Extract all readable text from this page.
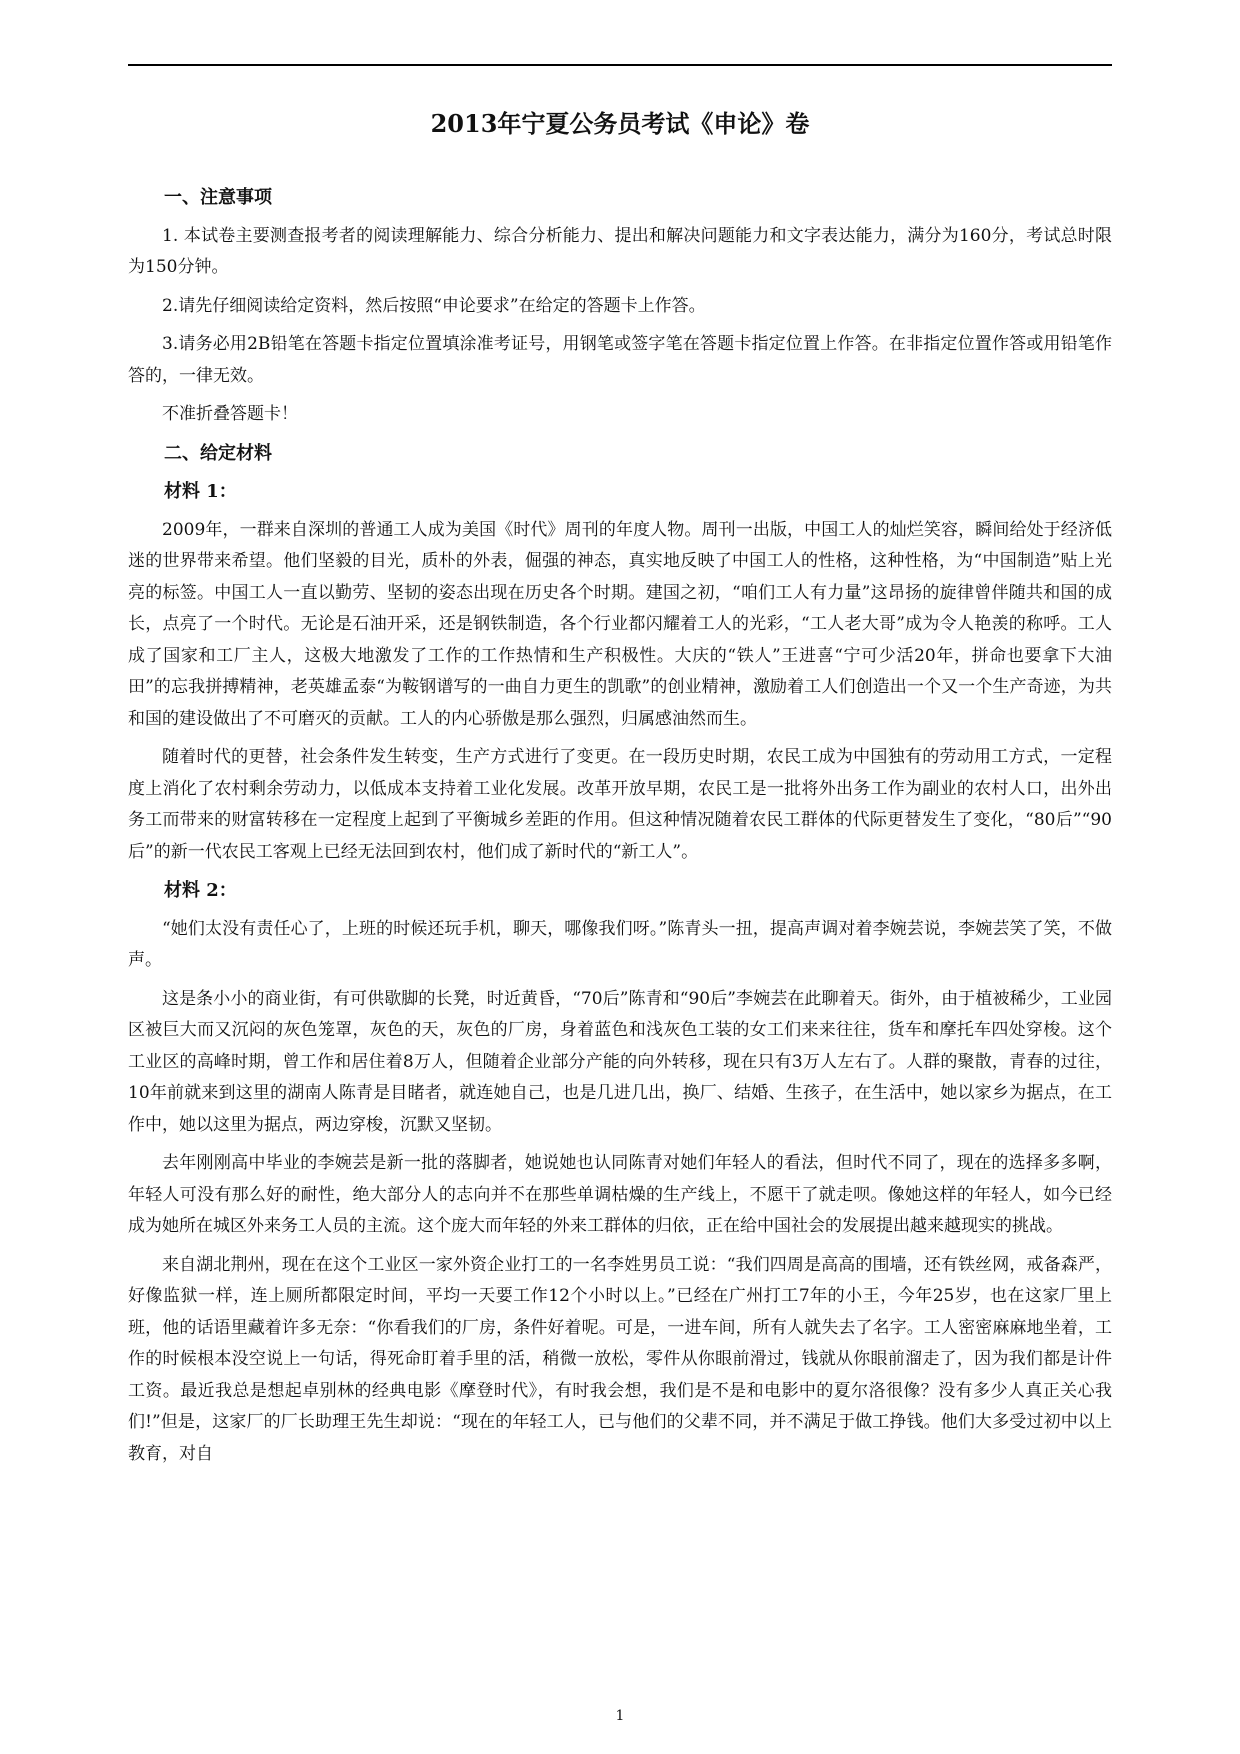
2013年宁夏公务员考试《申论》卷
一、注意事项

1. 本试卷主要测查报考者的阅读理解能力、综合分析能力、提出和解决问题能力和文字表达能力，满分为160分，考试总时限为150分钟。

2.请先仔细阅读给定资料，然后按照“申论要求”在给定的答题卡上作答。

3.请务必用2B铅笔在答题卡指定位置填涂准考证号，用钢笔或签字笔在答题卡指定位置上作答。在非指定位置作答或用铅笔作答的，一律无效。

不准折叠答题卡！

二、给定材料
材料 1：

2009年，一群来自深圳的普通工人成为美国《时代》周刊的年度人物。周刊一出版，中国工人的灿烂笑容，瞬间给处于经济低迷的世界带来希望。他们坚毅的目光，质朴的外表，倔强的神态，真实地反映了中国工人的性格，这种性格，为“中国制造”贴上光亮的标签。中国工人一直以勤劳、坚韧的姿态出现在历史各个时期。建国之初，“咱们工人有力量”这昂扬的旋律曾伴随共和国的成长，点亮了一个时代。无论是石油开采，还是钢铁制造，各个行业都闪耀着工人的光彩，“工人老大哥”成为令人艳羡的称呼。工人成了国家和工厂主人，这极大地激发了工作的工作热情和生产积极性。大庆的“铁人”王进喜“宁可少活20年，拼命也要拿下大油田”的忘我拼搏精神，老英雄孟泰“为鞍钢谱写的一曲自力更生的凯歌”的创业精神，激励着工人们创造出一个又一个生产奇迹，为共和国的建设做出了不可磨灭的贡献。工人的内心骄傲是那么强烈，归属感油然而生。

随着时代的更替，社会条件发生转变，生产方式进行了变更。在一段历史时期，农民工成为中国独有的劳动用工方式，一定程度上消化了农村剩余劳动力，以低成本支持着工业化发展。改革开放早期，农民工是一批将外出务工作为副业的农村人口，出外出务工而带来的财富转移在一定程度上起到了平衡城乡差距的作用。但这种情况随着农民工群体的代际更替发生了变化，“80后”“90后”的新一代农民工客观上已经无法回到农村，他们成了新时代的“新工人”。

材料 2：

“她们太没有责任心了，上班的时候还玩手机，聊天，哪像我们呀。”陈青头一扭，提高声调对着李婉芸说，李婉芸笑了笑，不做声。

这是条小小的商业街，有可供歇脚的长凳，时近黄昏，“70后”陈青和“90后”李婉芸在此聊着天。街外，由于植被稀少，工业园区被巨大而又沉闷的灰色笼罩，灰色的天，灰色的厂房，身着蓝色和浅灰色工装的女工们来来往往，货车和摩托车四处穿梭。这个工业区的高峰时期，曾工作和居住着8万人，但随着企业部分产能的向外转移，现在只有3万人左右了。人群的聚散，青春的过往，10年前就来到这里的湖南人陈青是目睹者，就连她自己，也是几进几出，换厂、结婚、生孩子，在生活中，她以家乡为据点，在工作中，她以这里为据点，两边穿梭，沉默又坚韧。

去年刚刚高中毕业的李婉芸是新一批的落脚者，她说她也认同陈青对她们年轻人的看法，但时代不同了，现在的选择多多啊，年轻人可没有那么好的耐性，绝大部分人的志向并不在那些单调枯燥的生产线上，不愿干了就走呗。像她这样的年轻人，如今已经成为她所在城区外来务工人员的主流。这个庞大而年轻的外来工群体的归依，正在给中国社会的发展提出越来越现实的挑战。

来自湖北荆州，现在在这个工业区一家外资企业打工的一名李姓男员工说：“我们四周是高高的围墙，还有铁丝网，戒备森严，好像监狱一样，连上厕所都限定时间，平均一天要工作12个小时以上。”已经在广州打工7年的小王，今年25岁，也在这家厂里上班，他的话语里藏着许多无奈：“你看我们的厂房，条件好着呢。可是，一进车间，所有人就失去了名字。工人密密麻麻地坐着，工作的时候根本没空说上一句话，得死命盯着手里的活，稍微一放松，零件从你眼前滑过，钱就从你眼前溜走了，因为我们都是计件工资。最近我总是想起卓别林的经典电影《摩登时代》，有时我会想，我们是不是和电影中的夏尔洛很像？没有多少人真正关心我们!”但是，这家厂的厂长助理王先生却说：“现在的年轻工人，已与他们的父辈不同，并不满足于做工挣钱。他们大多受过初中以上教育，对自

1
